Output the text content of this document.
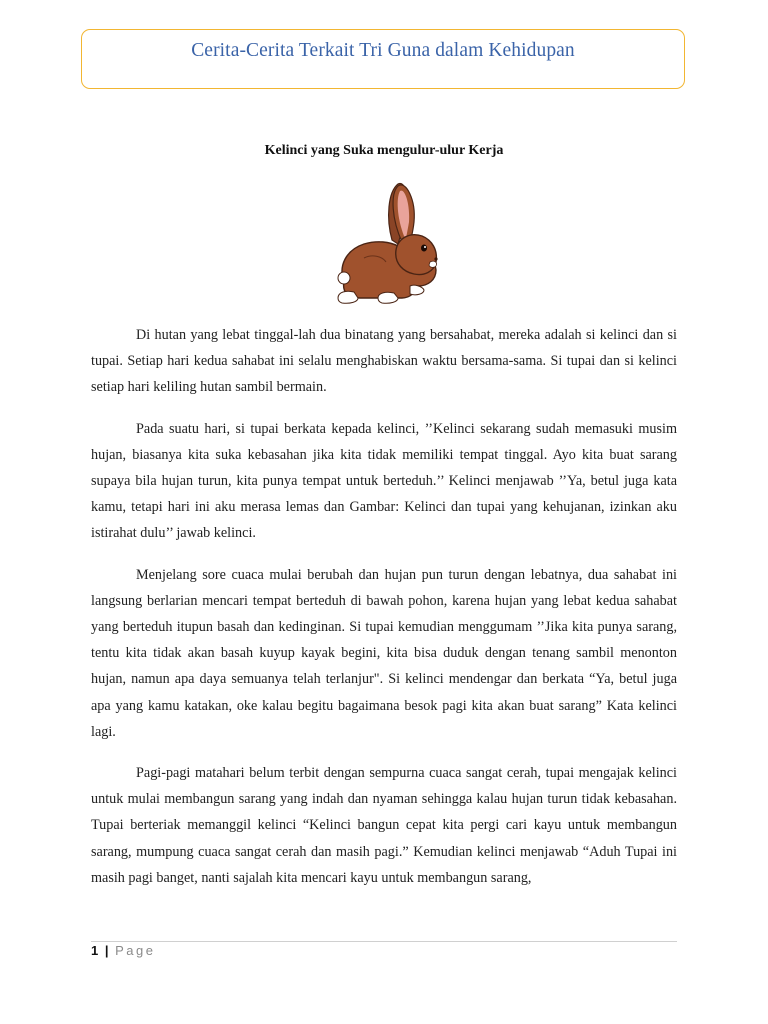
Cerita-Cerita Terkait Tri Guna dalam Kehidupan
Kelinci yang Suka mengulur-ulur Kerja

Di hutan yang lebat tinggal-lah dua binatang yang bersahabat, mereka adalah si kelinci dan si tupai. Setiap hari kedua sahabat ini selalu menghabiskan waktu bersama-sama. Si tupai dan si kelinci setiap hari keliling hutan sambil bermain.

Pada suatu hari, si tupai berkata kepada kelinci, ’’Kelinci sekarang sudah memasuki musim hujan, biasanya kita suka kebasahan jika kita tidak memiliki tempat tinggal. Ayo kita buat sarang supaya bila hujan turun, kita punya tempat untuk berteduh.’’ Kelinci menjawab ’’Ya, betul juga kata kamu, tetapi hari ini aku merasa lemas dan Gambar: Kelinci dan tupai yang kehujanan, izinkan aku istirahat dulu’’ jawab kelinci.

Menjelang sore cuaca mulai berubah dan hujan pun turun dengan lebatnya, dua sahabat ini langsung berlarian mencari tempat berteduh di bawah pohon, karena hujan yang lebat kedua sahabat yang berteduh itupun basah dan kedinginan. Si tupai kemudian menggumam ’’Jika kita punya sarang, tentu kita tidak akan basah kuyup kayak begini, kita bisa duduk dengan tenang sambil menonton hujan, namun apa daya semuanya telah terlanjur". Si kelinci mendengar dan berkata “Ya, betul juga apa yang kamu katakan, oke kalau begitu bagaimana besok pagi kita akan buat sarang” Kata kelinci lagi.

Pagi-pagi matahari belum terbit dengan sempurna cuaca sangat cerah, tupai mengajak kelinci untuk mulai membangun sarang yang indah dan nyaman sehingga kalau hujan turun tidak kebasahan. Tupai berteriak memanggil kelinci “Kelinci bangun cepat kita pergi cari kayu untuk membangun sarang, mumpung cuaca sangat cerah dan masih pagi.” Kemudian kelinci menjawab “Aduh Tupai ini masih pagi banget, nanti sajalah kita mencari kayu untuk membangun sarang,

1 | Page
